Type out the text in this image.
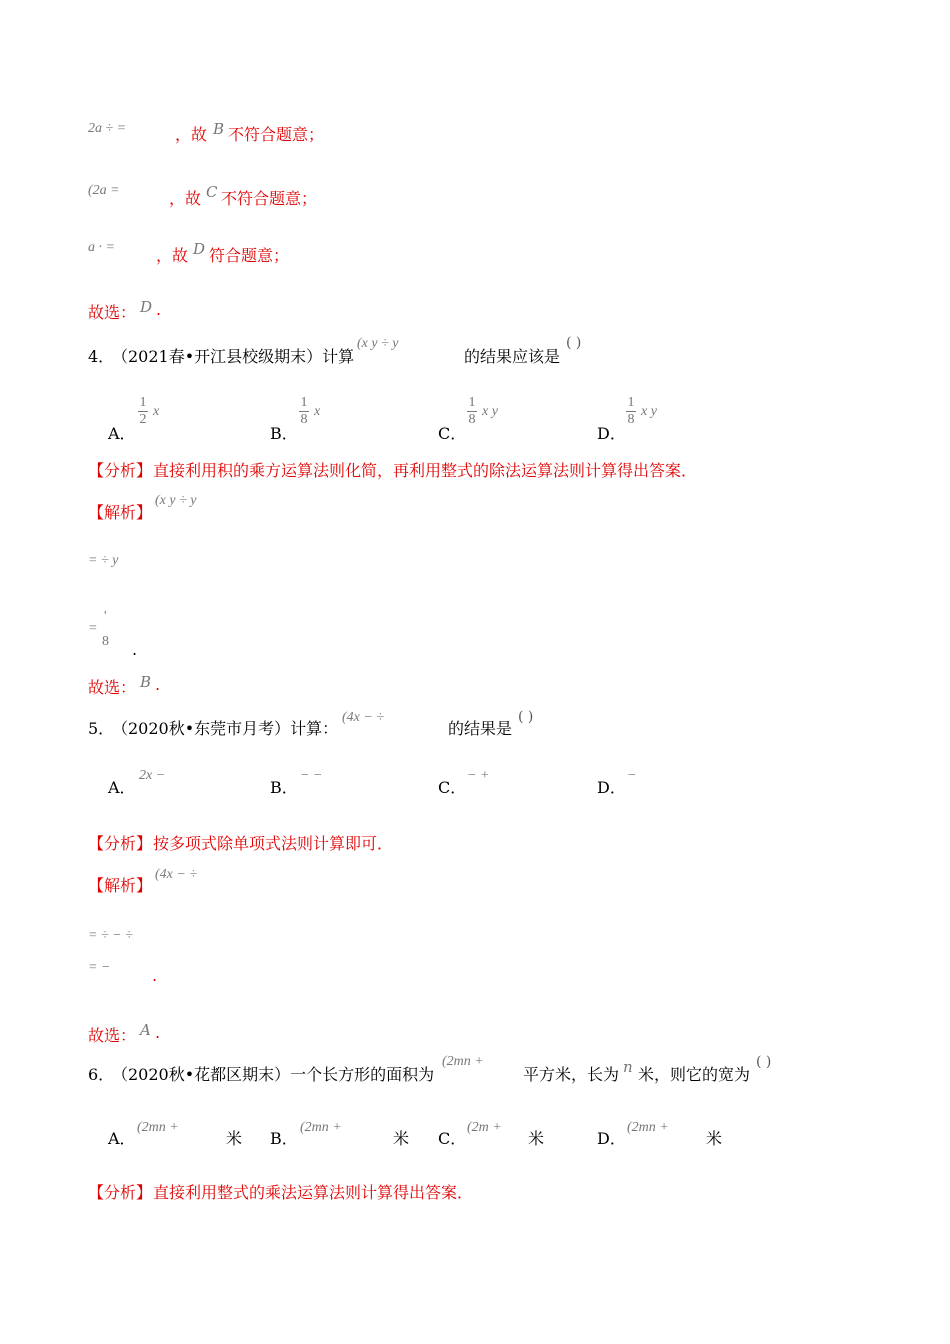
2a ÷ =	，故 B 不符合题意；
(2a =	，故 C 不符合题意；
a · =	，故 D 符合题意；
故选： D .
4．
（2021春•开江县校级期末）计算
(x y ÷ y
的结果应该是
( )
A．
1
2
x
B．
1
8
x
C．
1
8
x y
D．
1
8
x y
【分析】 直接利用积的乘方运算法则化简，再利用整式的除法运算法则计算得出答案．
【解析】
(x y ÷ y
= ÷ y
=
'
8 .
故选： B .
5．
（2020秋•东莞市月考）计算：
(4x − ÷
的结果是
( )
A．
2x −
B．
− −
C．
− +
D．
−
【分析】 按多项式除单项式法则计算即可．
【解析】
(4x − ÷
= ÷ − ÷
= −	.
故选： A .
6．
（2020秋•花都区期末）一个长方形的面积为
(2mn +
平方米，长为 n 米，则它的宽为
( )
A．
(2mn +
米 B．
(2mn +
米 C．
(2m +
米	D．
(2mn +
米
【分析】 直接利用整式的乘法运算法则计算得出答案．
